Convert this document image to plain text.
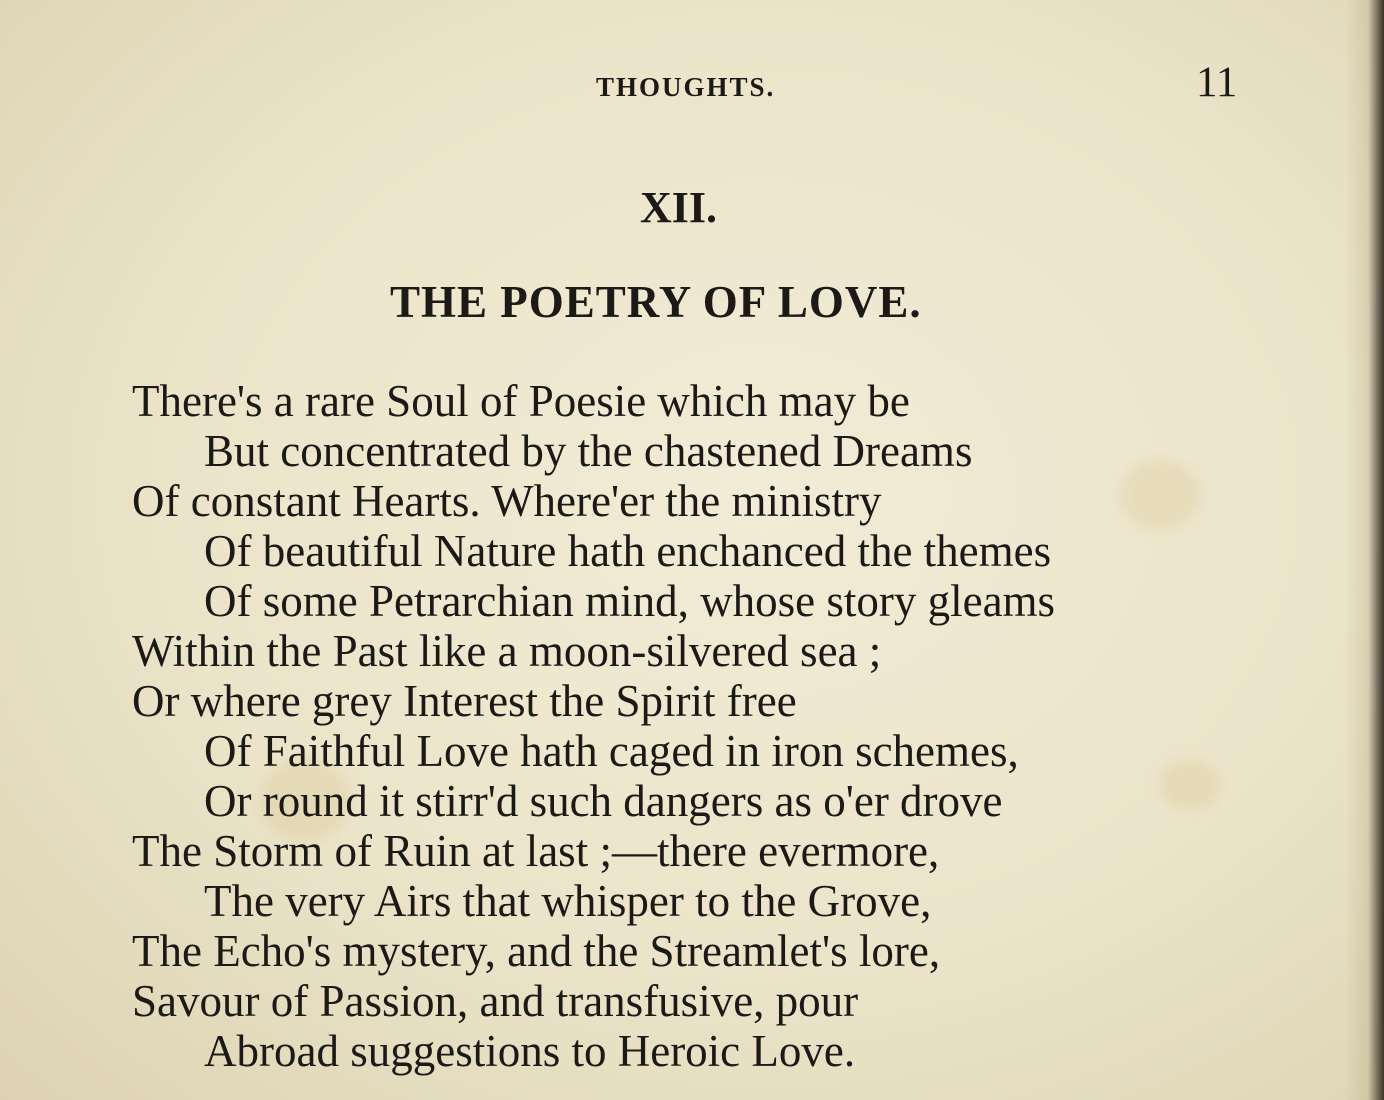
THOUGHTS.	11
XII.
THE POETRY OF LOVE.
There's a rare Soul of Poesie which may be
But concentrated by the chastened Dreams
Of constant Hearts. Where'er the ministry
Of beautiful Nature hath enchanced the themes
Of some Petrarchian mind, whose story gleams
Within the Past like a moon-silvered sea ;
Or where grey Interest the Spirit free
Of Faithful Love hath caged in iron schemes,
Or round it stirr'd such dangers as o'er drove
The Storm of Ruin at last ;—there evermore,
The very Airs that whisper to the Grove,
The Echo's mystery, and the Streamlet's lore,
Savour of Passion, and transfusive, pour
Abroad suggestions to Heroic Love.
